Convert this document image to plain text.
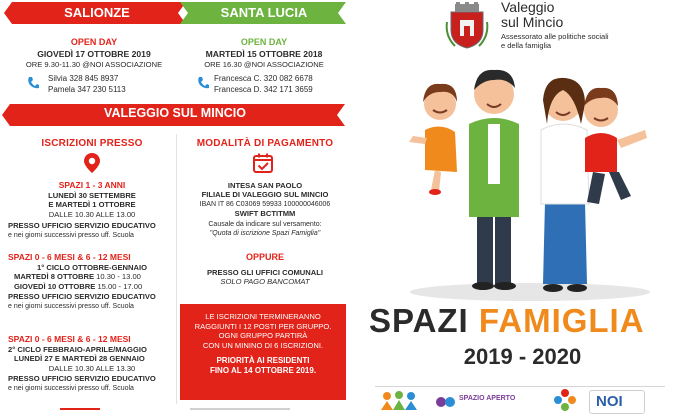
SALIONZE	SANTA LUCIA
OPEN DAY
GIOVEDÌ 17 OTTOBRE 2019
ORE 9.30-11.30 @NOI ASSOCIAZIONE
Silvia 328 845 8937
Pamela 347 230 5113
OPEN DAY
MARTEDÌ 15 OTTOBRE 2018
ORE 16.30 @NOI ASSOCIAZIONE
Francesca C. 320 082 6678
Francesca D. 342 171 3659
VALEGGIO SUL MINCIO
ISCRIZIONI PRESSO
SPAZI 1 - 3 ANNI
LUNEDÌ 30 SETTEMBRE
E MARTEDÌ 1 OTTOBRE
DALLE 10.30 ALLE 13.00
PRESSO UFFICIO SERVIZIO EDUCATIVO
e nei giorni successivi presso uff. Scuola
SPAZI 0 - 6 MESI & 6 - 12 MESI
1° CICLO OTTOBRE-GENNAIO
MARTEDÌ 8 OTTOBRE 10.30 - 13.00
GIOVEDÌ 10 OTTOBRE 15.00 - 17.00
PRESSO UFFICIO SERVIZIO EDUCATIVO
e nei giorni successivi presso uff. Scuola
SPAZI 0 - 6 MESI & 6 - 12 MESI
2° CICLO FEBBRAIO-APRILE/MAGGIO
LUNEDÌ 27 E MARTEDÌ 28 GENNAIO
DALLE 10.30 ALLE 13.30
PRESSO UFFICIO SERVIZIO EDUCATIVO
e nei giorni successivi presso uff. Scuola
MODALITÀ DI PAGAMENTO
INTESA SAN PAOLO
FILIALE DI VALEGGIO SUL MINCIO
IBAN IT 86 C03069 59933 100000046006
SWIFT BCTITMM
Causale da indicare sul versamento:
"Quota di iscrizione Spazi Famiglia"
OPPURE
PRESSO GLI UFFICI COMUNALI
SOLO PAGO BANCOMAT
LE ISCRIZIONI TERMINERANNO
RAGGIUNTI I 12 POSTI PER GRUPPO.
OGNI GRUPPO PARTIRÀ
CON UN MININO DI 6 ISCRIZIONI.
PRIORITÀ AI RESIDENTI
FINO AL 14 OTTOBRE 2019.
Valeggio
sul Mincio
Assessorato alle politiche sociali
e della famiglia
SPAZI FAMIGLIA
2019 - 2020
SPAZIO APERTO	NOI
